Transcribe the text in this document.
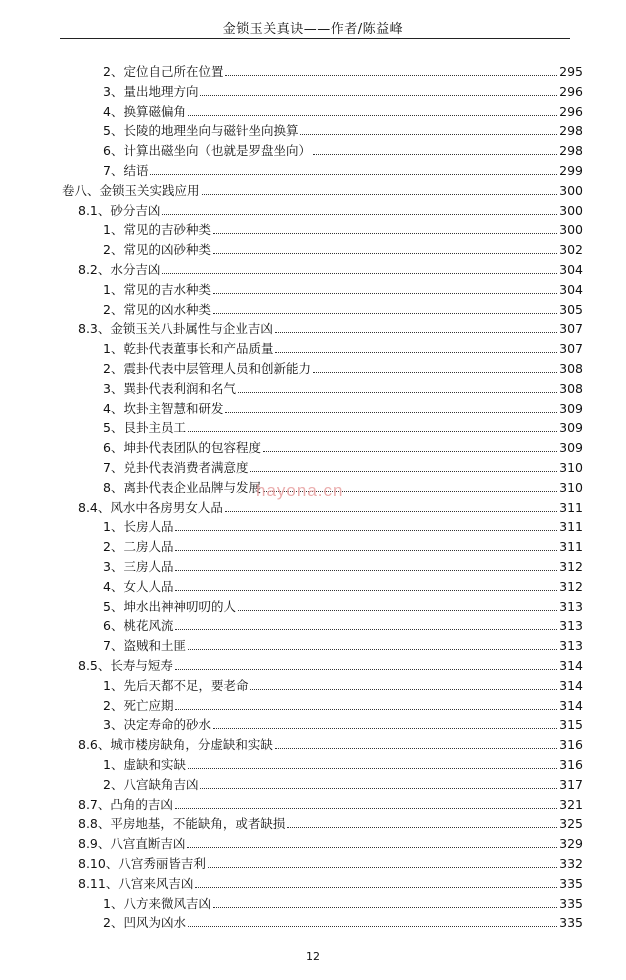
金锁玉关真诀——作者/陈益峰
2、定位自己所在位置	295
3、量出地理方向	296
4、换算磁偏角	296
5、长陵的地理坐向与磁针坐向换算	298
6、计算出磁坐向（也就是罗盘坐向）	298
7、结语	299
卷八、金锁玉关实践应用	300
8.1、砂分吉凶	300
1、常见的吉砂种类	300
2、常见的凶砂种类	302
8.2、水分吉凶	304
1、常见的吉水种类	304
2、常见的凶水种类	305
8.3、金锁玉关八卦属性与企业吉凶	307
1、乾卦代表董事长和产品质量	307
2、震卦代表中层管理人员和创新能力	308
3、巽卦代表利润和名气	308
4、坎卦主智慧和研发	309
5、艮卦主员工	309
6、坤卦代表团队的包容程度	309
7、兑卦代表消费者满意度	310
8、离卦代表企业品牌与发展	310
8.4、风水中各房男女人品	311
1、长房人品	311
2、二房人品	311
3、三房人品	312
4、女人人品	312
5、坤水出神神叨叨的人	313
6、桃花风流	313
7、盗贼和土匪	313
8.5、长寿与短寿	314
1、先后天都不足，要老命	314
2、死亡应期	314
3、决定寿命的砂水	315
8.6、城市楼房缺角，分虚缺和实缺	316
1、虚缺和实缺	316
2、八宫缺角吉凶	317
8.7、凸角的吉凶	321
8.8、平房地基，不能缺角，或者缺损	325
8.9、八宫直断吉凶	329
8.10、八宫秀丽皆吉利	332
8.11、八宫来风吉凶	335
1、八方来微风吉凶	335
2、凹风为凶水	335
hayona.cn
12
